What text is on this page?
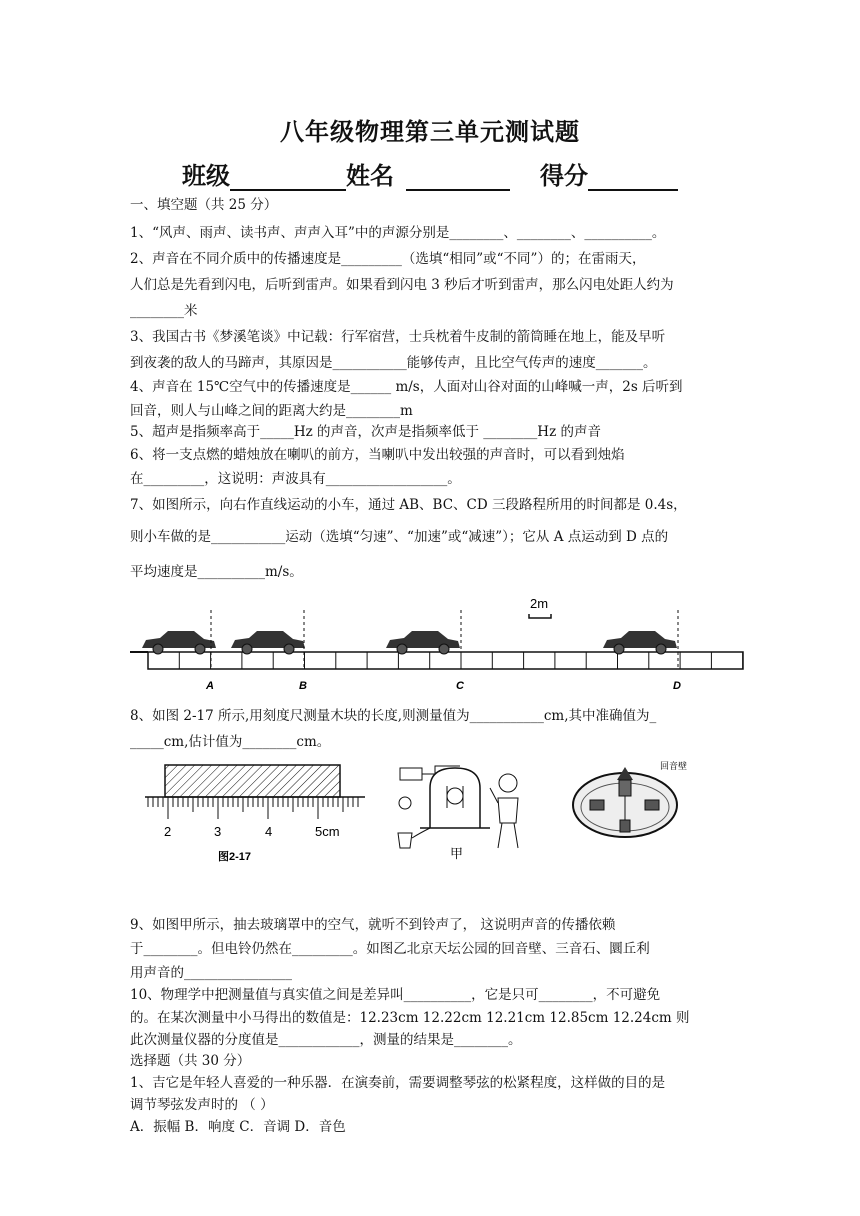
八年级物理第三单元测试题
班级	姓名	得分
一、填空题（共 25 分）
1、“风声、雨声、读书声、声声入耳”中的声源分别是________、________、__________。
2、声音在不同介质中的传播速度是_________（选填“相同”或“不同”）的；在雷雨天，
人们总是先看到闪电，后听到雷声。如果看到闪电 3 秒后才听到雷声，那么闪电处距人约为
________米
3、我国古书《梦溪笔谈》中记载：行军宿营，士兵枕着牛皮制的箭筒睡在地上，能及早听
到夜袭的敌人的马蹄声，其原因是___________能够传声，且比空气传声的速度_______。
4、声音在 15℃空气中的传播速度是______ m/s，人面对山谷对面的山峰喊一声，2s 后听到
回音，则人与山峰之间的距离大约是________m
5、超声是指频率高于_____Hz 的声音，次声是指频率低于 ________Hz 的声音
6、将一支点燃的蜡烛放在喇叭的前方，当喇叭中发出较强的声音时，可以看到烛焰
在_________，这说明：声波具有__________________。
7、如图所示，向右作直线运动的小车，通过 AB、BC、CD 三段路程所用的时间都是 0.4s，
则小车做的是___________运动（选填“匀速”、“加速”或“减速”）；它从 A 点运动到 D 点的
平均速度是__________m/s。
2m
A	B	C	D
8、如图 2-17 所示,用刻度尺测量木块的长度,则测量值为___________cm,其中准确值为_
_____cm,估计值为________cm。
2	3	4	5cm
图2-17	甲
回音壁
9、如图甲所示，抽去玻璃罩中的空气，就听不到铃声了， 这说明声音的传播依赖
于________。但电铃仍然在_________。如图乙北京天坛公园的回音壁、三音石、圜丘利
用声音的________________
10、物理学中把测量值与真实值之间是差异叫__________，它是只可________，不可避免
的。在某次测量中小马得出的数值是：12.23cm 12.22cm 12.21cm 12.85cm 12.24cm 则
此次测量仪器的分度值是____________，测量的结果是________。
选择题（共 30 分）
1、吉它是年轻人喜爱的一种乐器．在演奏前，需要调整琴弦的松紧程度，这样做的目的是
调节琴弦发声时的 （ ）
A．振幅 B．响度 C．音调 D．音色
